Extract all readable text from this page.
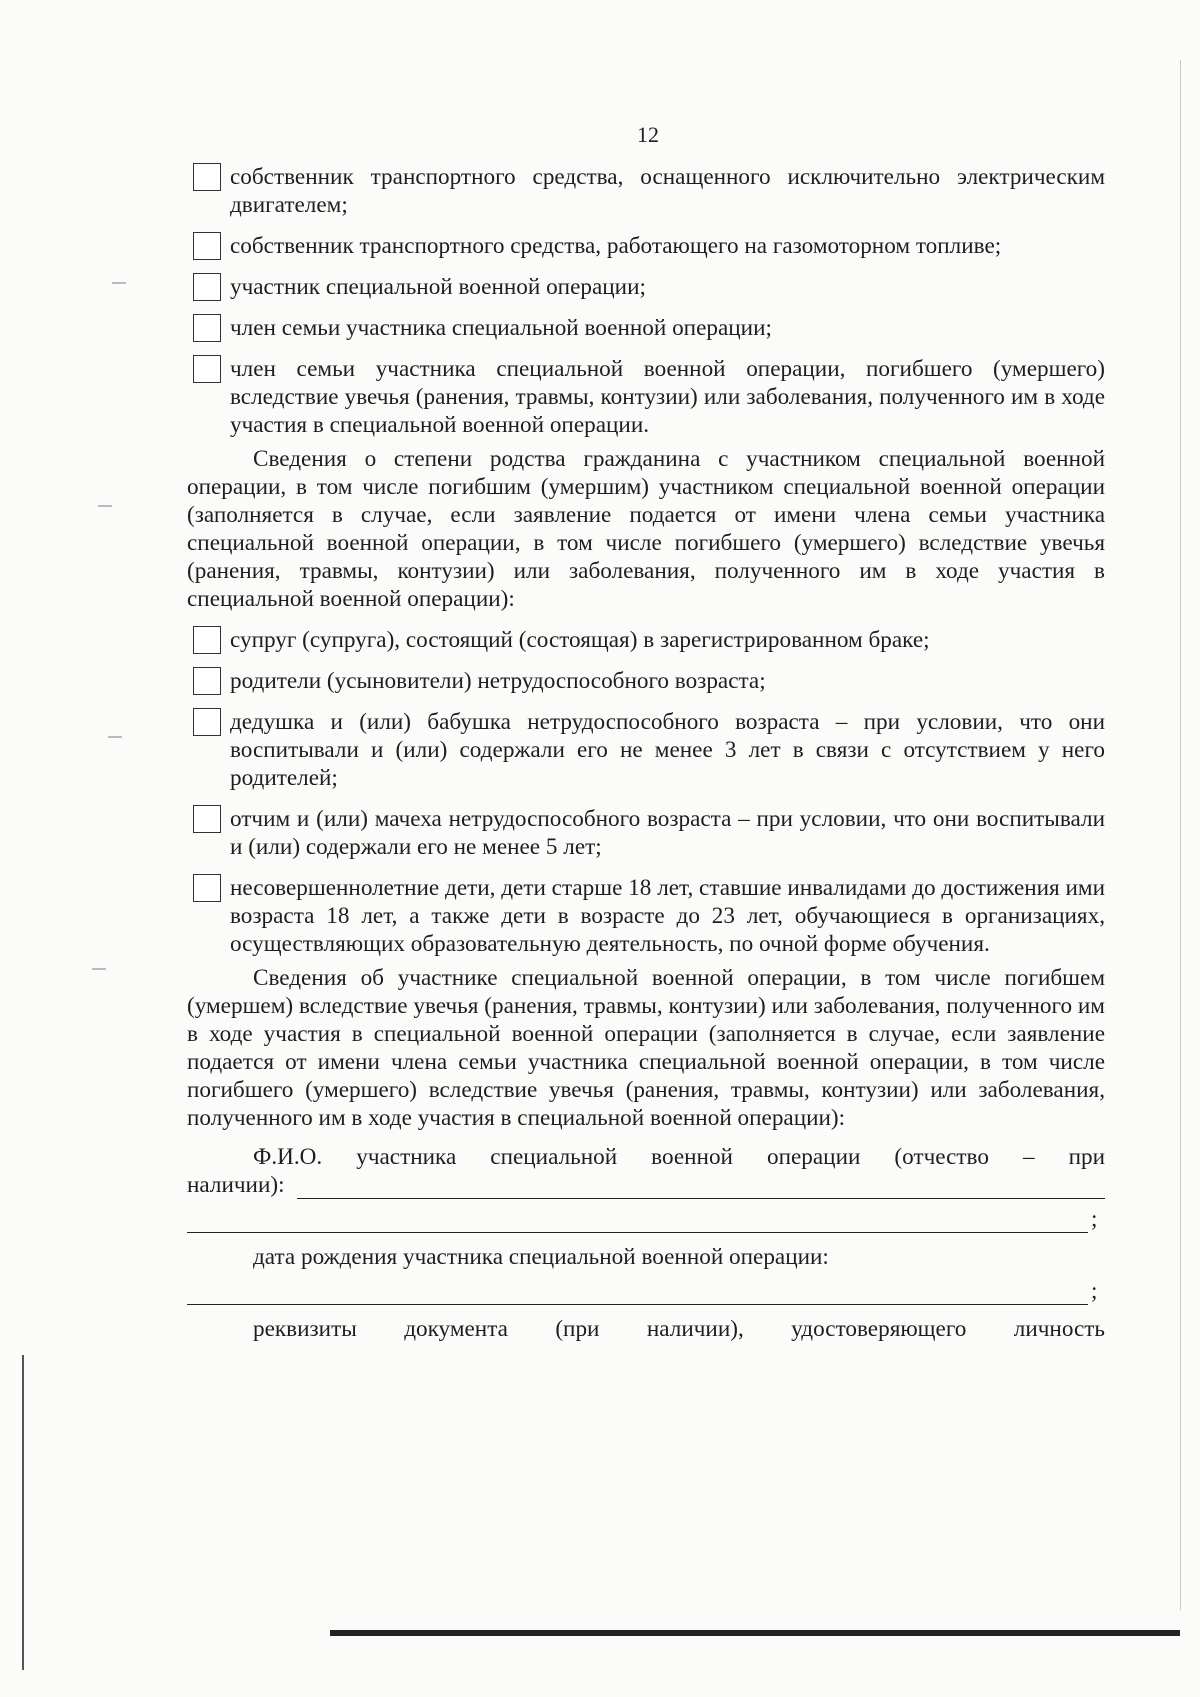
12
собственник транспортного средства, оснащенного исключительно электрическим двигателем;
собственник транспортного средства, работающего на газомоторном топливе;
участник специальной военной операции;
член семьи участника специальной военной операции;
член семьи участника специальной военной операции, погибшего (умершего) вследствие увечья (ранения, травмы, контузии) или заболевания, полученного им в ходе участия в специальной военной операции.

Сведения о степени родства гражданина с участником специальной военной операции, в том числе погибшим (умершим) участником специальной военной операции (заполняется в случае, если заявление подается от имени члена семьи участника специальной военной операции, в том числе погибшего (умершего) вследствие увечья (ранения, травмы, контузии) или заболевания, полученного им в ходе участия в специальной военной операции):

супруг (супруга), состоящий (состоящая) в зарегистрированном браке;
родители (усыновители) нетрудоспособного возраста;
дедушка и (или) бабушка нетрудоспособного возраста – при условии, что они воспитывали и (или) содержали его не менее 3 лет в связи с отсутствием у него родителей;
отчим и (или) мачеха нетрудоспособного возраста – при условии, что они воспитывали и (или) содержали его не менее 5 лет;
несовершеннолетние дети, дети старше 18 лет, ставшие инвалидами до достижения ими возраста 18 лет, а также дети в возрасте до 23 лет, обучающиеся в организациях, осуществляющих образовательную деятельность, по очной форме обучения.

Сведения об участнике специальной военной операции, в том числе погибшем (умершем) вследствие увечья (ранения, травмы, контузии) или заболевания, полученного им в ходе участия в специальной военной операции (заполняется в случае, если заявление подается от имени члена семьи участника специальной военной операции, в том числе погибшего (умершего) вследствие увечья (ранения, травмы, контузии) или заболевания, полученного им в ходе участия в специальной военной операции):

Ф.И.О. участника специальной военной операции (отчество – при
наличии):
;
дата рождения участника специальной военной операции:
;
реквизиты документа (при наличии), удостоверяющего личность
